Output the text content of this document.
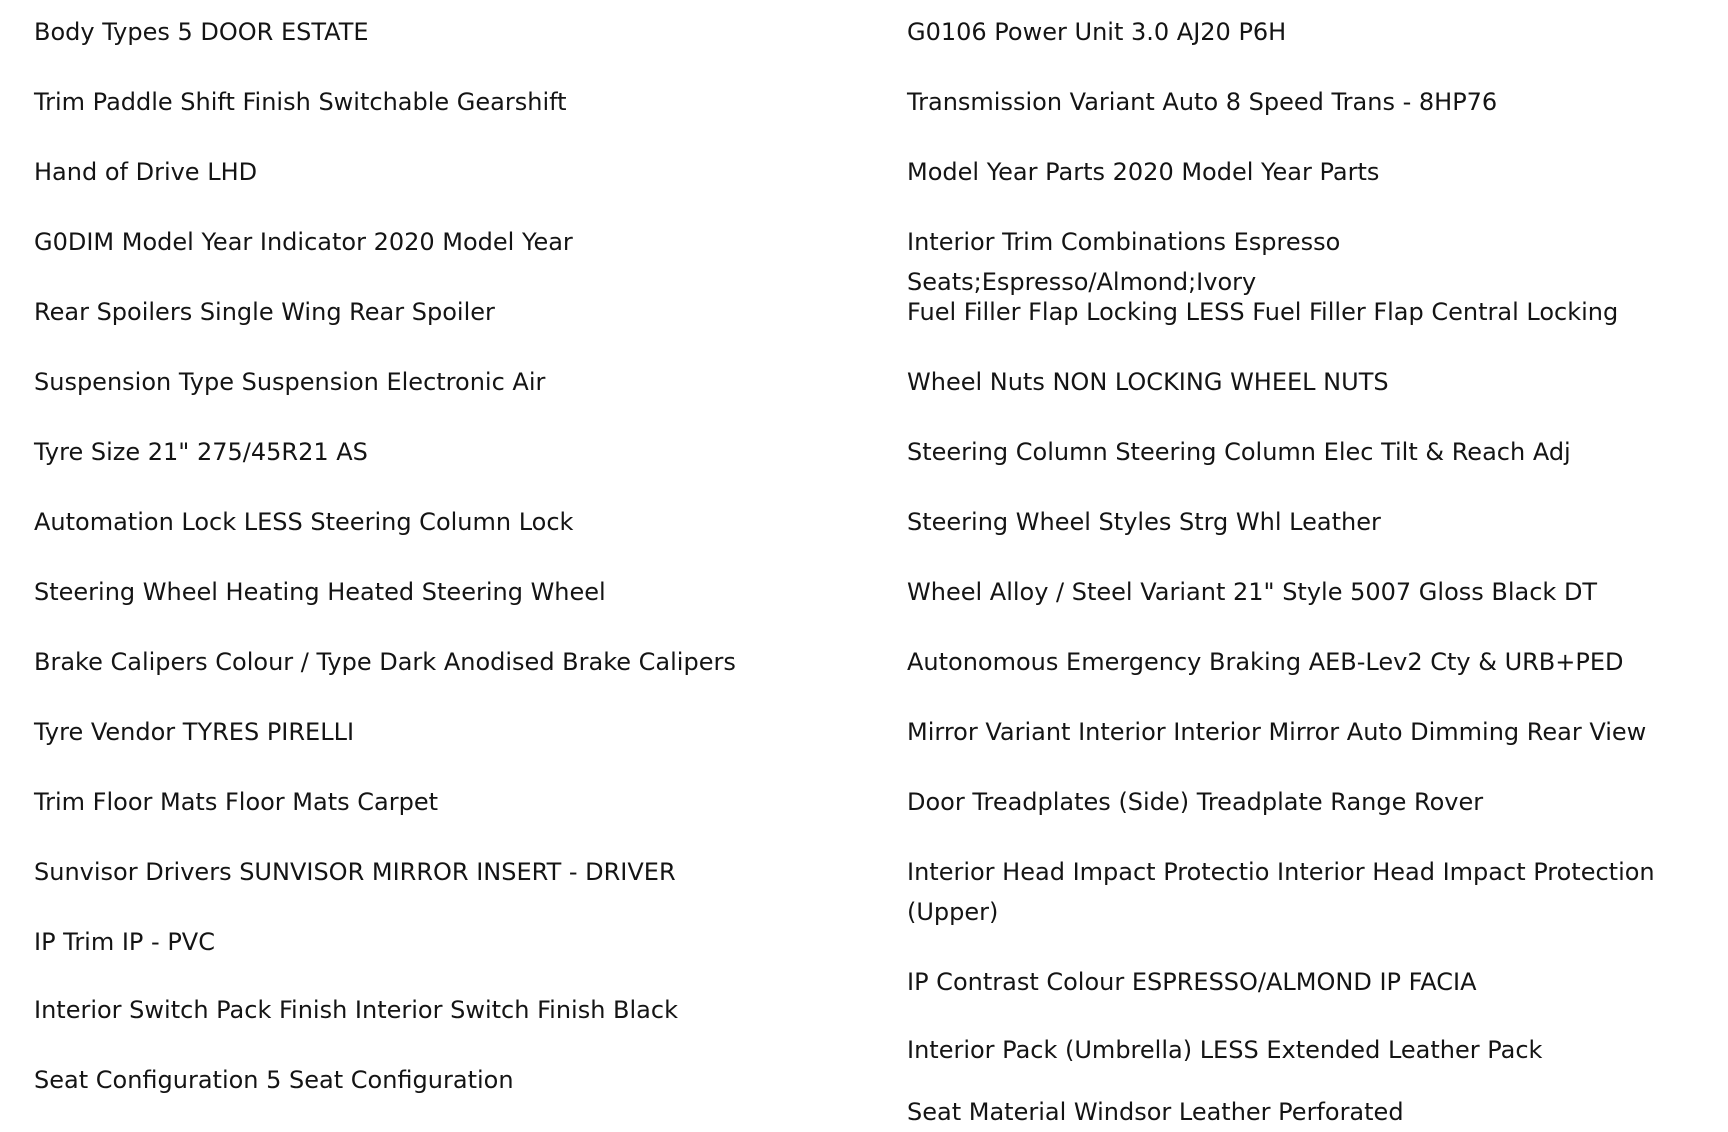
Body Types 5 DOOR ESTATE

Trim Paddle Shift Finish Switchable Gearshift

Hand of Drive LHD

G0DIM Model Year Indicator 2020 Model Year

Rear Spoilers Single Wing Rear Spoiler

Suspension Type Suspension Electronic Air

Tyre Size 21" 275/45R21 AS

Automation Lock LESS Steering Column Lock

Steering Wheel Heating Heated Steering Wheel

Brake Calipers Colour / Type Dark Anodised Brake Calipers

Tyre Vendor TYRES PIRELLI

Trim Floor Mats Floor Mats Carpet

Sunvisor Drivers SUNVISOR MIRROR INSERT - DRIVER

IP Trim IP - PVC

Interior Switch Pack Finish Interior Switch Finish Black

Seat Configuration 5 Seat Configuration

G0106 Power Unit 3.0 AJ20 P6H

Transmission Variant Auto 8 Speed Trans - 8HP76

Model Year Parts 2020 Model Year Parts

Interior Trim Combinations Espresso Seats;Espresso/Almond;Ivory

Fuel Filler Flap Locking LESS Fuel Filler Flap Central Locking

Wheel Nuts NON LOCKING WHEEL NUTS

Steering Column Steering Column Elec Tilt & Reach Adj

Steering Wheel Styles Strg Whl Leather

Wheel Alloy / Steel Variant 21" Style 5007 Gloss Black DT

Autonomous Emergency Braking AEB-Lev2 Cty & URB+PED

Mirror Variant Interior Interior Mirror Auto Dimming Rear View

Door Treadplates (Side) Treadplate Range Rover

Interior Head Impact Protectio Interior Head Impact Protection (Upper)

IP Contrast Colour ESPRESSO/ALMOND IP FACIA

Interior Pack (Umbrella) LESS Extended Leather Pack

Seat Material Windsor Leather Perforated
